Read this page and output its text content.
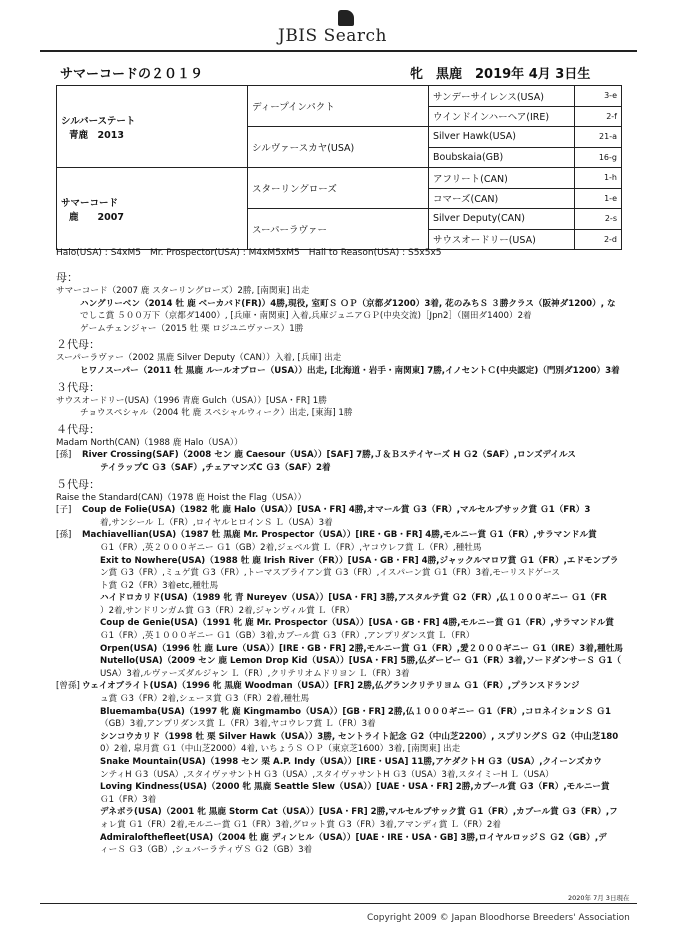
JBIS Search
サマーコードの２０１９	牝　黒鹿　2019年 4月 3日生
シルバーステート
青鹿　2013	ディープインパクト	サンデーサイレンス(USA)	3-e
		ウインドインハーヘア(IRE)	2-f
	シルヴァースカヤ(USA)	Silver Hawk(USA)	21-a
		Boubskaia(GB)	16-g

サマーコード
鹿　　2007	スターリングローズ	アフリート(CAN)	1-h
		コマーズ(CAN)	1-e
	スーパーラヴァー	Silver Deputy(CAN)	2-s
		サウスオードリー(USA)	2-d
Halo(USA) : S4xM5　Mr. Prospector(USA) : M4xM5xM5　Hail to Reason(USA) : S5x5x5
母：
サマーコード（2007 鹿 スターリングローズ）2勝, [南関東] 出走
ハングリーベン（2014 牡 鹿 ベーカバド(FR)）4勝,現役, 室町Ｓ ＯＰ（京都ダ1200）3着, 花のみちＳ ３勝クラス（阪神ダ1200）, な
でしこ賞 ５００万下（京都ダ1400）, [兵庫・南関東] 入着,兵庫ジュニアＧＰ(中央交流)［Jpn2］（園田ダ1400）2着
ゲームチェンジャー（2015 牡 栗 ロジユニヴァース）1勝
２代母：
スーパーラヴァー（2002 黒鹿 Silver Deputy（CAN））入着, [兵庫] 出走
ヒワノスーパー（2011 牡 黒鹿 ルールオブロー（USA））出走, [北海道・岩手・南関東] 7勝,イノセントＣ(中央認定)（門別ダ1200）3着
３代母：
サウスオードリー(USA)（1996 青鹿 Gulch（USA））[USA・FR] 1勝
チョウスペシャル（2004 牝 鹿 スペシャルウィーク）出走, [東海] 1勝
４代母：
Madam North(CAN)（1988 鹿 Halo（USA））
[孫] River Crossing(SAF)（2008 セン 鹿 Caesour（USA））[SAF] 7勝,Ｊ＆Ｂステイヤーズ H Ｇ2（SAF）,ロンズデイルス
テイラップC Ｇ3（SAF）,チェアマンズC Ｇ3（SAF）2着
５代母：
Raise the Standard(CAN)（1978 鹿 Hoist the Flag（USA））
[子] Coup de Folie(USA)（1982 牝 鹿 Halo（USA））[USA・FR] 4勝,オマール賞 Ｇ3（FR）,マルセルブサック賞 Ｇ1（FR）3
着,サンシール Ｌ（FR）,ロイヤルヒロインＳ Ｌ（USA）3着
[孫] Machiavellian(USA)（1987 牡 黒鹿 Mr. Prospector（USA））[IRE・GB・FR] 4勝,モルニー賞 Ｇ1（FR）,サラマンドル賞
Ｇ1（FR）,英２０００ギニー Ｇ1（GB）2着,ジェベル賞 Ｌ（FR）,ヤコウレフ賞 Ｌ（FR）,種牡馬
Exit to Nowhere(USA)（1988 牡 鹿 Irish River（FR））[USA・GB・FR] 4勝,ジャックルマロワ賞 Ｇ1（FR）,エドモンブラ
ン賞 Ｇ3（FR）,ミュゲ賞 Ｇ3（FR）,トーマスブライアン賞 Ｇ3（FR）,イスパーン賞 Ｇ1（FR）3着,モーリスドゲース
ト賞 Ｇ2（FR）3着etc,種牡馬
ハイドロカリド(USA)（1989 牝 青 Nureyev（USA））[USA・FR] 3勝,アスタルテ賞 Ｇ2（FR）,仏１０００ギニー Ｇ1（FR
）2着,サンドリンガム賞 Ｇ3（FR）2着,ジャンヴィル賞 Ｌ（FR）
Coup de Genie(USA)（1991 牝 鹿 Mr. Prospector（USA））[USA・GB・FR] 4勝,モルニー賞 Ｇ1（FR）,サラマンドル賞
Ｇ1（FR）,英１０００ギニー Ｇ1（GB）3着,カブール賞 Ｇ3（FR）,アンプリダンス賞 Ｌ（FR）
Orpen(USA)（1996 牡 鹿 Lure（USA））[IRE・GB・FR] 2勝,モルニー賞 Ｇ1（FR）,愛２０００ギニー Ｇ1（IRE）3着,種牡馬
Nutello(USA)（2009 セン 鹿 Lemon Drop Kid（USA））[USA・FR] 5勝,仏ダービー Ｇ1（FR）3着,ソードダンサーＳ Ｇ1（
USA）3着,ルヴァーズダルジャン Ｌ（FR）,クリテリオムドリヨン Ｌ（FR）3着
[曾孫] ウェイオブライト(USA)（1996 牝 黒鹿 Woodman（USA））[FR] 2勝,仏グランクリテリヨム Ｇ1（FR）,プランスドランジ
ュ賞 Ｇ3（FR）2着,シェーヌ賞 Ｇ3（FR）2着,種牡馬
Bluemamba(USA)（1997 牝 鹿 Kingmambo（USA））[GB・FR] 2勝,仏１０００ギニー Ｇ1（FR）,コロネイションＳ Ｇ1
（GB）3着,アンプリダンス賞 Ｌ（FR）3着,ヤコウレフ賞 Ｌ（FR）3着
シンコウカリド（1998 牡 栗 Silver Hawk（USA））3勝, セントライト記念 Ｇ2（中山芝2200）, スプリングＳ Ｇ2（中山芝180
0）2着, 皐月賞 Ｇ1（中山芝2000）4着, いちょうＳ ＯＰ（東京芝1600）3着, [南関東] 出走
Snake Mountain(USA)（1998 セン 栗 A.P. Indy（USA））[IRE・USA] 11勝,アケダクトH Ｇ3（USA）,クイーンズカウ
ンティH Ｇ3（USA）,スタイヴァサントH Ｇ3（USA）,スタイヴァサントH Ｇ3（USA）3着,スタイミーH Ｌ（USA）
Loving Kindness(USA)（2000 牝 黒鹿 Seattle Slew（USA））[UAE・USA・FR] 2勝,カブール賞 Ｇ3（FR）,モルニー賞
Ｇ1（FR）3着
デネボラ(USA)（2001 牝 黒鹿 Storm Cat（USA））[USA・FR] 2勝,マルセルブサック賞 Ｇ1（FR）,カブール賞 Ｇ3（FR）,フ
ォレ賞 Ｇ1（FR）2着,モルニー賞 Ｇ1（FR）3着,グロット賞 Ｇ3（FR）3着,アマンディ賞 Ｌ（FR）2着
Admiralofthefleet(USA)（2004 牡 鹿 ディンヒル（USA））[UAE・IRE・USA・GB] 3勝,ロイヤルロッジＳ Ｇ2（GB）,デ
ィーＳ Ｇ3（GB）,シュバーラティヴＳ Ｇ2（GB）3着
2020年 7月 3日現在
Copyright 2009 © Japan Bloodhorse Breeders' Association
